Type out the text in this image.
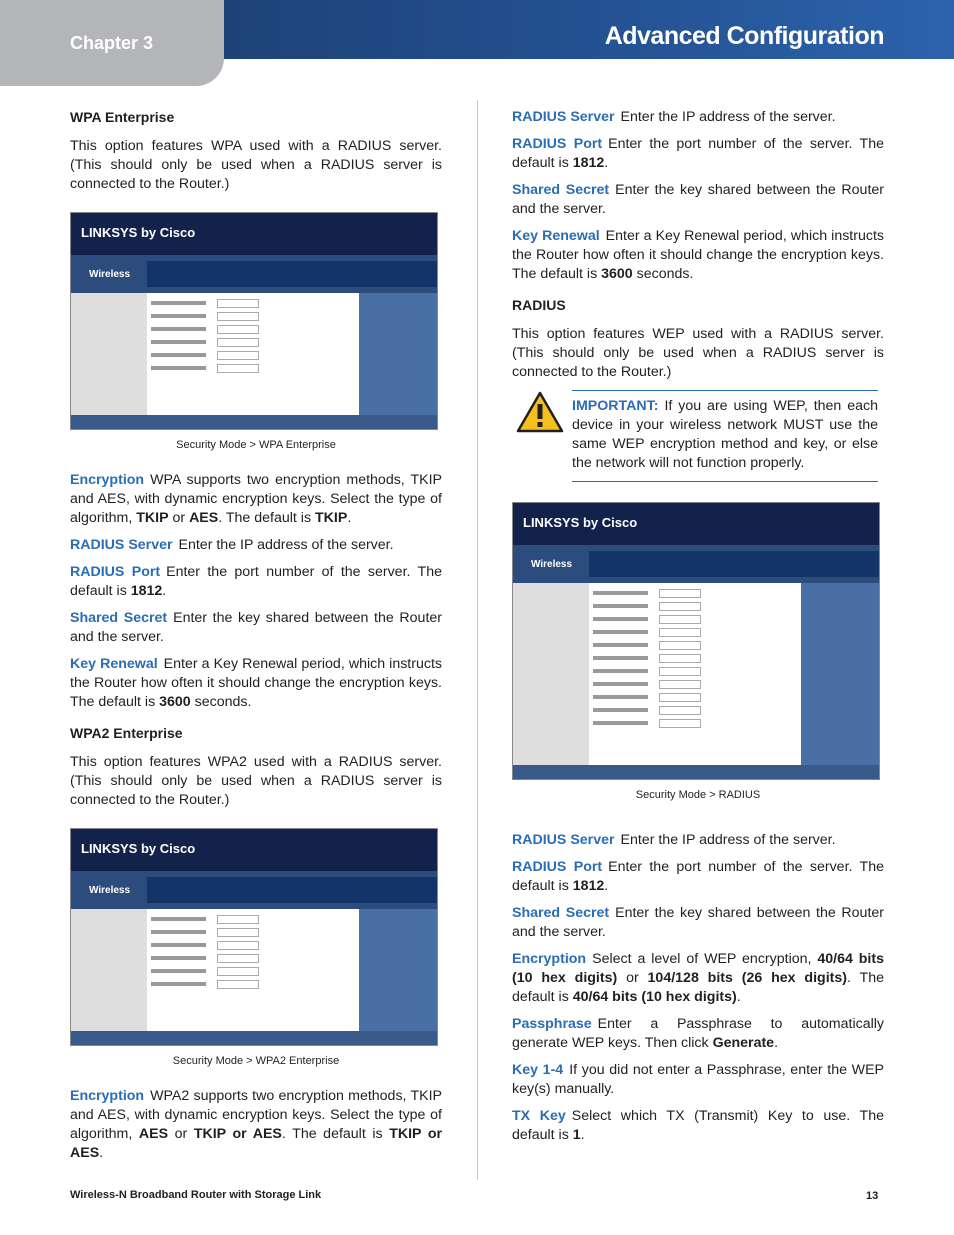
Chapter 3	Advanced Configuration
WPA Enterprise

This option features WPA used with a RADIUS server. (This should only be used when a RADIUS server is connected to the Router.)

LINKSYS by Cisco
Wireless
Security Mode > WPA Enterprise

Encryption WPA supports two encryption methods, TKIP and AES, with dynamic encryption keys. Select the type of algorithm, TKIP or AES. The default is TKIP.

RADIUS Server Enter the IP address of the server.

RADIUS Port Enter the port number of the server. The default is 1812.

Shared Secret Enter the key shared between the Router and the server.

Key Renewal Enter a Key Renewal period, which instructs the Router how often it should change the encryption keys. The default is 3600 seconds.

WPA2 Enterprise

This option features WPA2 used with a RADIUS server. (This should only be used when a RADIUS server is connected to the Router.)

LINKSYS by Cisco
Wireless
Security Mode > WPA2 Enterprise

Encryption WPA2 supports two encryption methods, TKIP and AES, with dynamic encryption keys. Select the type of algorithm, AES or TKIP or AES. The default is TKIP or AES.

RADIUS Server Enter the IP address of the server.

RADIUS Port Enter the port number of the server. The default is 1812.

Shared Secret Enter the key shared between the Router and the server.

Key Renewal Enter a Key Renewal period, which instructs the Router how often it should change the encryption keys. The default is 3600 seconds.

RADIUS

This option features WEP used with a RADIUS server. (This should only be used when a RADIUS server is connected to the Router.)

IMPORTANT: If you are using WEP, then each device in your wireless network MUST use the same WEP encryption method and key, or else the network will not function properly.
LINKSYS by Cisco
Wireless
Security Mode > RADIUS

RADIUS Server Enter the IP address of the server.

RADIUS Port Enter the port number of the server. The default is 1812.

Shared Secret Enter the key shared between the Router and the server.

Encryption Select a level of WEP encryption, 40/64 bits (10 hex digits) or 104/128 bits (26 hex digits). The default is 40/64 bits (10 hex digits).

Passphrase Enter a Passphrase to automatically generate WEP keys. Then click Generate.

Key 1-4 If you did not enter a Passphrase, enter the WEP key(s) manually.

TX Key Select which TX (Transmit) Key to use. The default is 1.

Wireless-N Broadband Router with Storage Link	13
